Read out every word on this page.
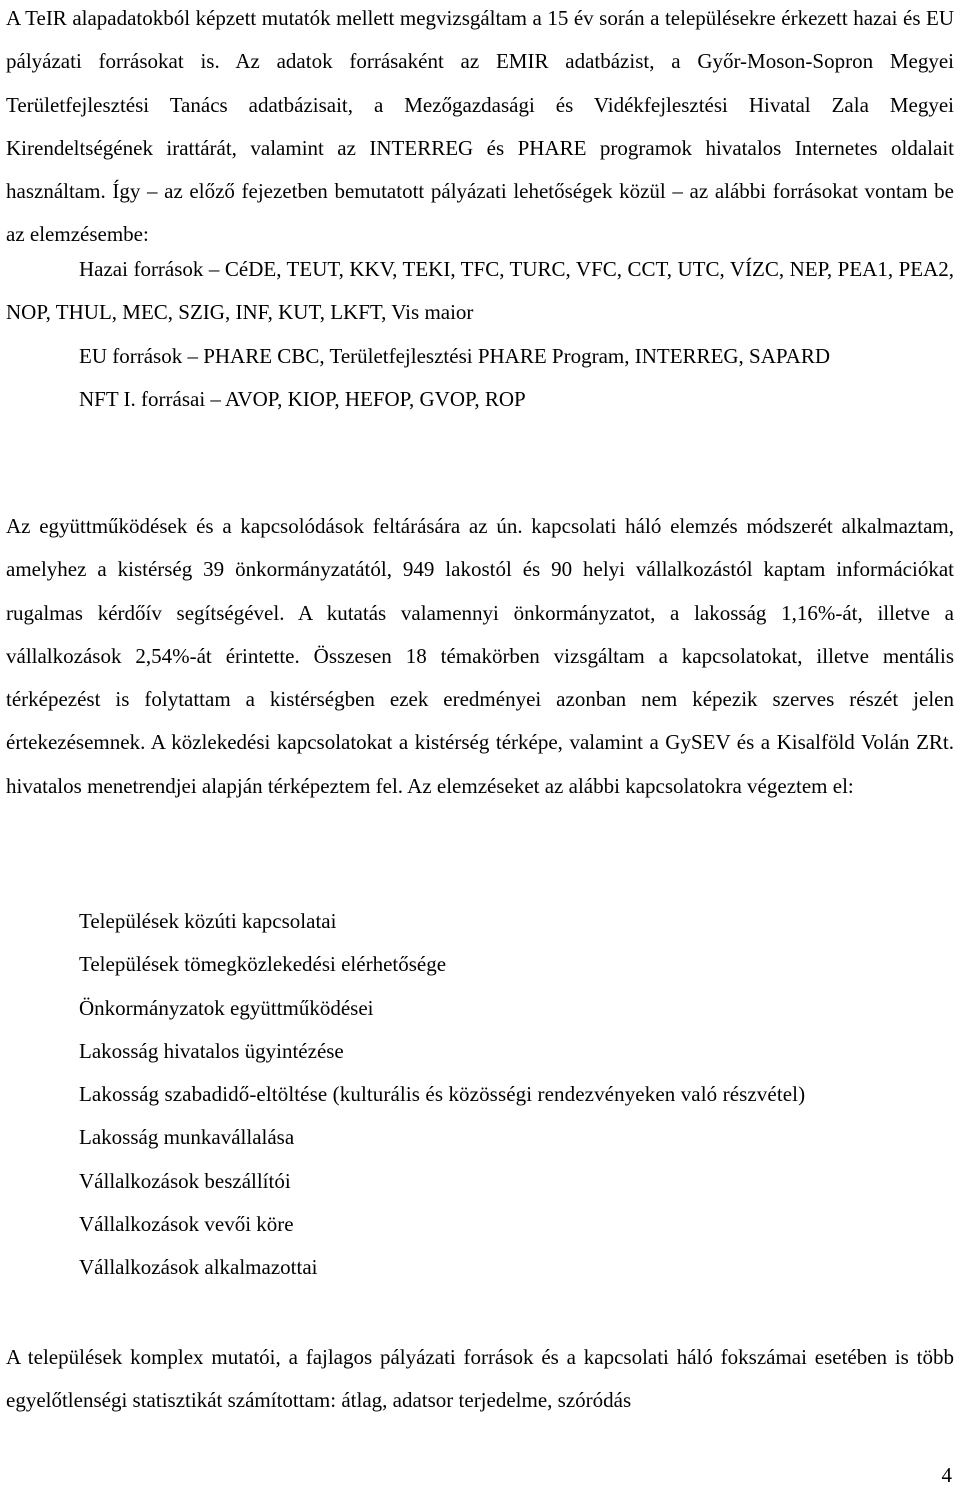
A TeIR alapadatokból képzett mutatók mellett megvizsgáltam a 15 év során a településekre érkezett hazai és EU pályázati forrásokat is. Az adatok forrásaként az EMIR adatbázist, a Győr-Moson-Sopron Megyei Területfejlesztési Tanács adatbázisait, a Mezőgazdasági és Vidékfejlesztési Hivatal Zala Megyei Kirendeltségének irattárát, valamint az INTERREG és PHARE programok hivatalos Internetes oldalait használtam. Így – az előző fejezetben bemutatott pályázati lehetőségek közül – az alábbi forrásokat vontam be az elemzésembe:

Hazai források – CéDE, TEUT, KKV, TEKI, TFC, TURC, VFC, CCT, UTC, VÍZC, NEP, PEA1, PEA2, NOP, THUL, MEC, SZIG, INF, KUT, LKFT, Vis maior

EU források – PHARE CBC, Területfejlesztési PHARE Program, INTERREG, SAPARD

NFT I. forrásai – AVOP, KIOP, HEFOP, GVOP, ROP

Az együttműködések és a kapcsolódások feltárására az ún. kapcsolati háló elemzés módszerét alkalmaztam, amelyhez a kistérség 39 önkormányzatától, 949 lakostól és 90 helyi vállalkozástól kaptam információkat rugalmas kérdőív segítségével. A kutatás valamennyi önkormányzatot, a lakosság 1,16%-át, illetve a vállalkozások 2,54%-át érintette. Összesen 18 témakörben vizsgáltam a kapcsolatokat, illetve mentális térképezést is folytattam a kistérségben ezek eredményei azonban nem képezik szerves részét jelen értekezésemnek. A közlekedési kapcsolatokat a kistérség térképe, valamint a GySEV és a Kisalföld Volán ZRt. hivatalos menetrendjei alapján térképeztem fel. Az elemzéseket az alábbi kapcsolatokra végeztem el:

Települések közúti kapcsolatai

Települések tömegközlekedési elérhetősége

Önkormányzatok együttműködései

Lakosság hivatalos ügyintézése

Lakosság szabadidő-eltöltése (kulturális és közösségi rendezvényeken való részvétel)

Lakosság munkavállalása

Vállalkozások beszállítói

Vállalkozások vevői köre

Vállalkozások alkalmazottai

A települések komplex mutatói, a fajlagos pályázati források és a kapcsolati háló fokszámai esetében is több egyelőtlenségi statisztikát számítottam: átlag, adatsor terjedelme, szóródás

4
